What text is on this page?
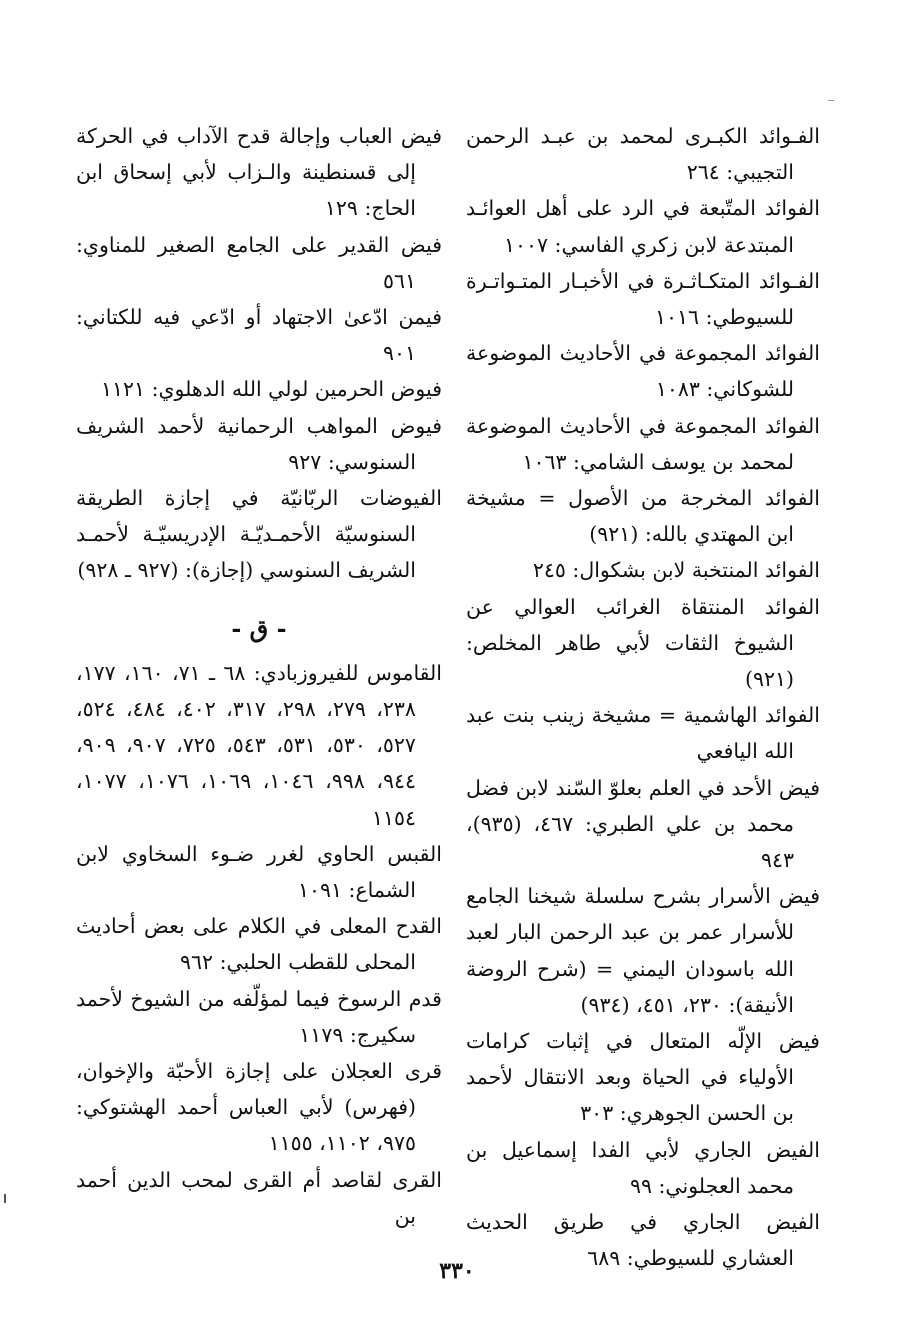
الفـوائد الكبـرى لمحمد بن عبـد الرحمن التجيبي: ٢٦٤

الفوائد المتّبعة في الرد على أهل العوائـد المبتدعة لابن زكري الفاسي: ١٠٠٧

الفـوائد المتكـاثـرة في الأخبـار المتـواتـرة للسيوطي: ١٠١٦

الفوائد المجموعة في الأحاديث الموضوعة للشوكاني: ١٠٨٣

الفوائد المجموعة في الأحاديث الموضوعة لمحمد بن يوسف الشامي: ١٠٦٣

الفوائد المخرجة من الأصول = مشيخة ابن المهتدي بالله: (٩٢١)

الفوائد المنتخبة لابن بشكوال: ٢٤٥

الفوائد المنتقاة الغرائب العوالي عن الشيوخ الثقات لأبي طاهر المخلص: (٩٢١)

الفوائد الهاشمية = مشيخة زينب بنت عبد الله اليافعي

فيض الأحد في العلم بعلوّ السّند لابن فضل محمد بن علي الطبري: ٤٦٧، (٩٣٥)، ٩٤٣

فيض الأسرار بشرح سلسلة شيخنا الجامع للأسرار عمر بن عبد الرحمن البار لعبد الله باسودان اليمني = (شرح الروضة الأنيقة): ٢٣٠، ٤٥١، (٩٣٤)

فيض الإلّه المتعال في إثبات كرامات الأولياء في الحياة وبعد الانتقال لأحمد بن الحسن الجوهري: ٣٠٣

الفيض الجاري لأبي الفدا إسماعيل بن محمد العجلوني: ٩٩

الفيض الجاري في طريق الحديث العشاري للسيوطي: ٦٨٩

فيض العباب وإجالة قدح الآداب في الحركة إلى قسنطينة والـزاب لأبي إسحاق ابن الحاج: ١٢٩

فيض القدير على الجامع الصغير للمناوي: ٥٦١

فيمن ادّعىٰ الاجتهاد أو ادّعي فيه للكتاني: ٩٠١

فيوض الحرمين لولي الله الدهلوي: ١١٢١

فيوض المواهب الرحمانية لأحمد الشريف السنوسي: ٩٢٧

الفيوضات الربّانيّة في إجازة الطريقة السنوسيّة الأحمـديّـة الإدريسيّـة لأحمـد الشريف السنوسي (إجازة): (٩٢٧ ـ ٩٢٨)

- ق -

القاموس للفيروزبادي: ٦٨ ـ ٧١، ١٦٠، ١٧٧، ٢٣٨، ٢٧٩، ٢٩٨، ٣١٧، ٤٠٢، ٤٨٤، ٥٢٤، ٥٢٧، ٥٣٠، ٥٣١، ٥٤٣، ٧٢٥، ٩٠٧، ٩٠٩، ٩٤٤، ٩٩٨، ١٠٤٦، ١٠٦٩، ١٠٧٦، ١٠٧٧، ١١٥٤

القبس الحاوي لغرر ضـوء السخاوي لابن الشماع: ١٠٩١

القدح المعلى في الكلام على بعض أحاديث المحلى للقطب الحلبي: ٩٦٢

قدم الرسوخ فيما لمؤلّفه من الشيوخ لأحمد سكيرج: ١١٧٩

قرى العجلان على إجازة الأحبّة والإخوان، (فهرس) لأبي العباس أحمد الهشتوكي: ٩٧٥، ١١٠٢، ١١٥٥

القرى لقاصد أم القرى لمحب الدين أحمد بن

٣٣٠
